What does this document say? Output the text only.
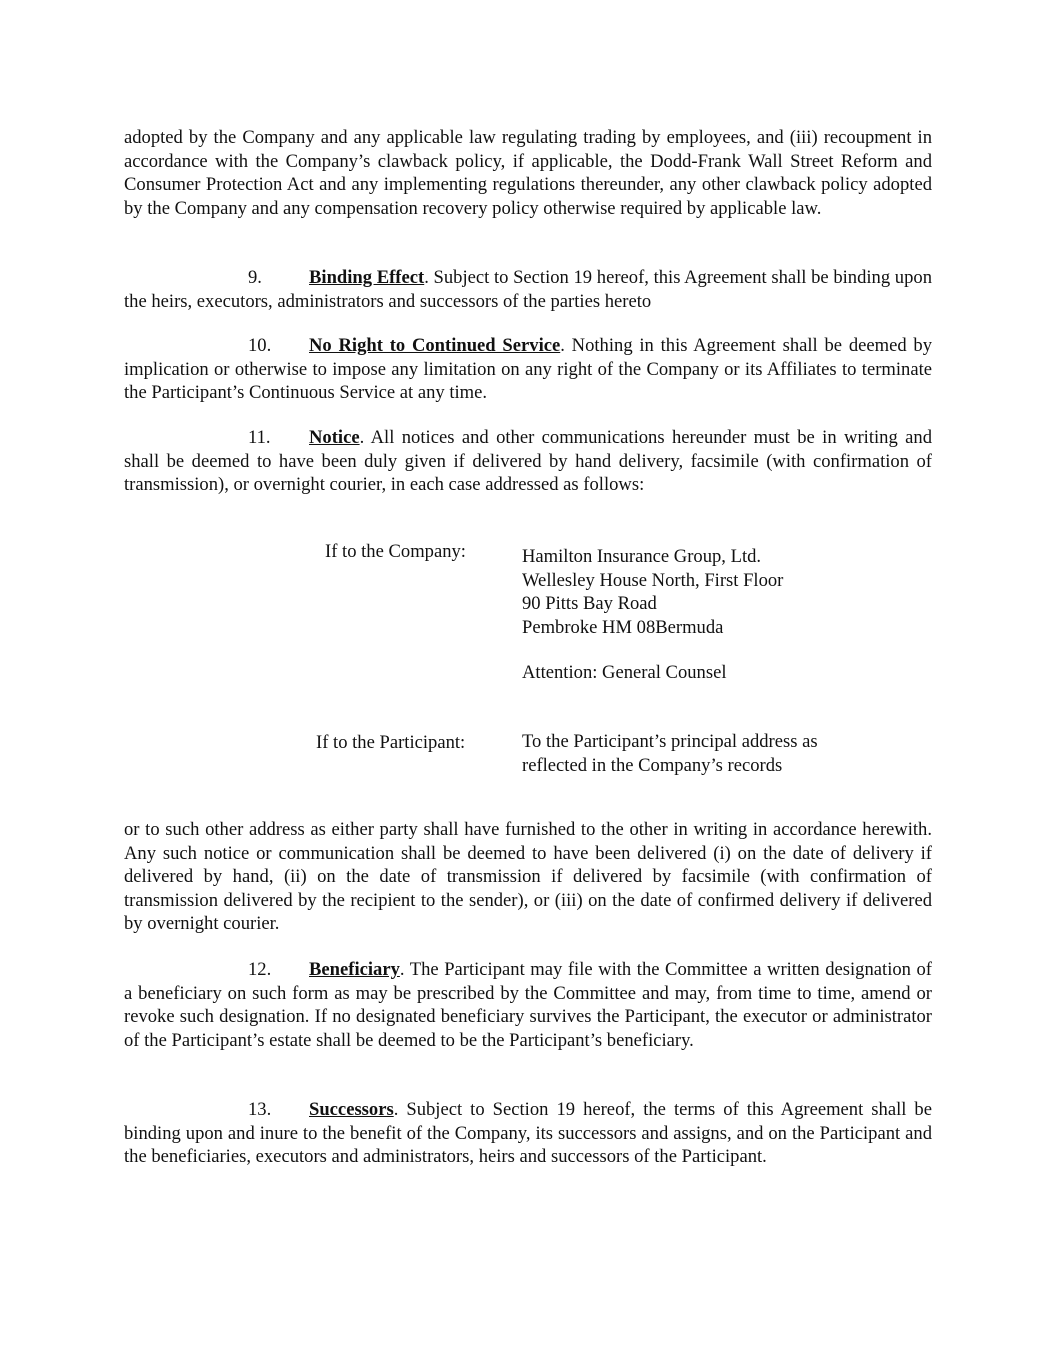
adopted by the Company and any applicable law regulating trading by employees, and (iii) recoupment in accordance with the Company’s clawback policy, if applicable, the Dodd-Frank Wall Street Reform and Consumer Protection Act and any implementing regulations thereunder, any other clawback policy adopted by the Company and any compensation recovery policy otherwise required by applicable law.

9.	Binding Effect. Subject to Section 19 hereof, this Agreement shall be binding upon the heirs, executors, administrators and successors of the parties hereto

10. No Right to Continued Service. Nothing in this Agreement shall be deemed by implication or otherwise to impose any limitation on any right of the Company or its Affiliates to terminate the Participant’s Continuous Service at any time.

11. Notice. All notices and other communications hereunder must be in writing and shall be deemed to have been duly given if delivered by hand delivery, facsimile (with confirmation of transmission), or overnight courier, in each case addressed as follows:

If to the Company:	Hamilton Insurance Group, Ltd.
Wellesley House North, First Floor
90 Pitts Bay Road
Pembroke HM 08Bermuda
Attention: General Counsel
If to the Participant:	To the Participant’s principal address as
reflected in the Company’s records

or to such other address as either party shall have furnished to the other in writing in accordance herewith. Any such notice or communication shall be deemed to have been delivered (i) on the date of delivery if delivered by hand, (ii) on the date of transmission if delivered by facsimile (with confirmation of transmission delivered by the recipient to the sender), or (iii) on the date of confirmed delivery if delivered by overnight courier.

12. Beneficiary. The Participant may file with the Committee a written designation of a beneficiary on such form as may be prescribed by the Committee and may, from time to time, amend or revoke such designation. If no designated beneficiary survives the Participant, the executor or administrator of the Participant’s estate shall be deemed to be the Participant’s beneficiary.

13. Successors. Subject to Section 19 hereof, the terms of this Agreement shall be binding upon and inure to the benefit of the Company, its successors and assigns, and on the Participant and the beneficiaries, executors and administrators, heirs and successors of the Participant.
